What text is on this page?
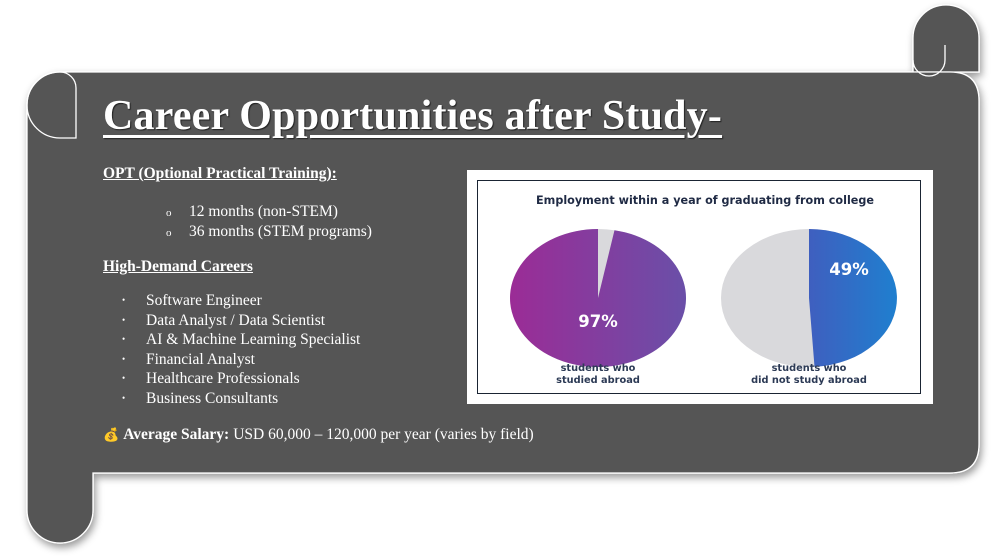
Career Opportunities after Study-
OPT (Optional Practical Training):
o 12 months (non-STEM)
o 36 months (STEM programs)
High-Demand Careers
• Software Engineer
• Data Analyst / Data Scientist
• AI & Machine Learning Specialist
• Financial Analyst
• Healthcare Professionals
• Business Consultants
💰 Average Salary: USD 60,000 – 120,000 per year (varies by field)
Employment within a year of graduating from college
97%
students who
studied abroad
49%
students who
did not study abroad
